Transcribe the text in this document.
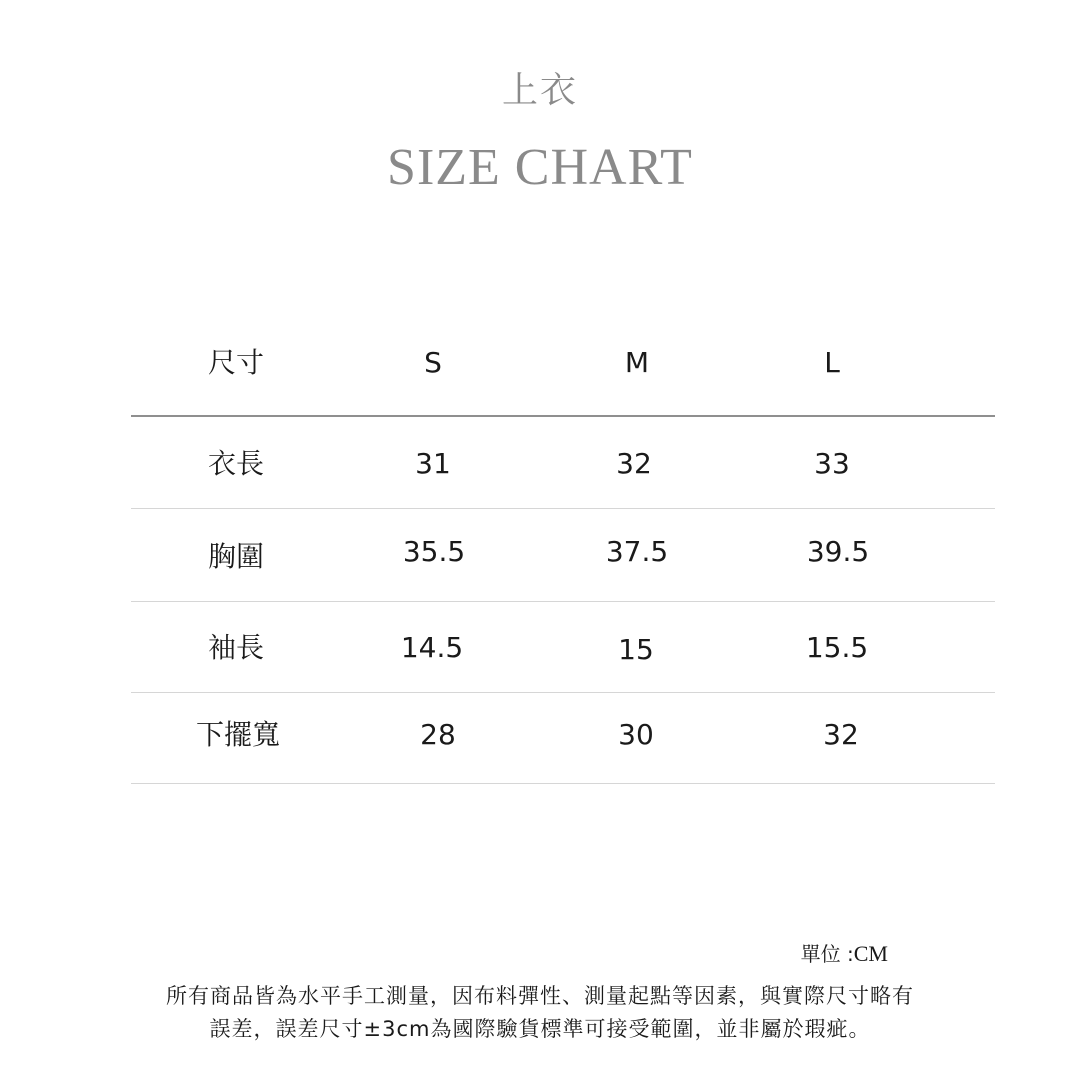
上衣
SIZE CHART
尺寸	S	M	L
衣長	31	32	33
胸圍	35.5	37.5	39.5
袖長	14.5	15	15.5
下擺寬	28	30	32
單位 :CM
所有商品皆為水平手工測量，因布料彈性、測量起點等因素，與實際尺寸略有誤差，誤差尺寸±3cm為國際驗貨標準可接受範圍，並非屬於瑕疵。
